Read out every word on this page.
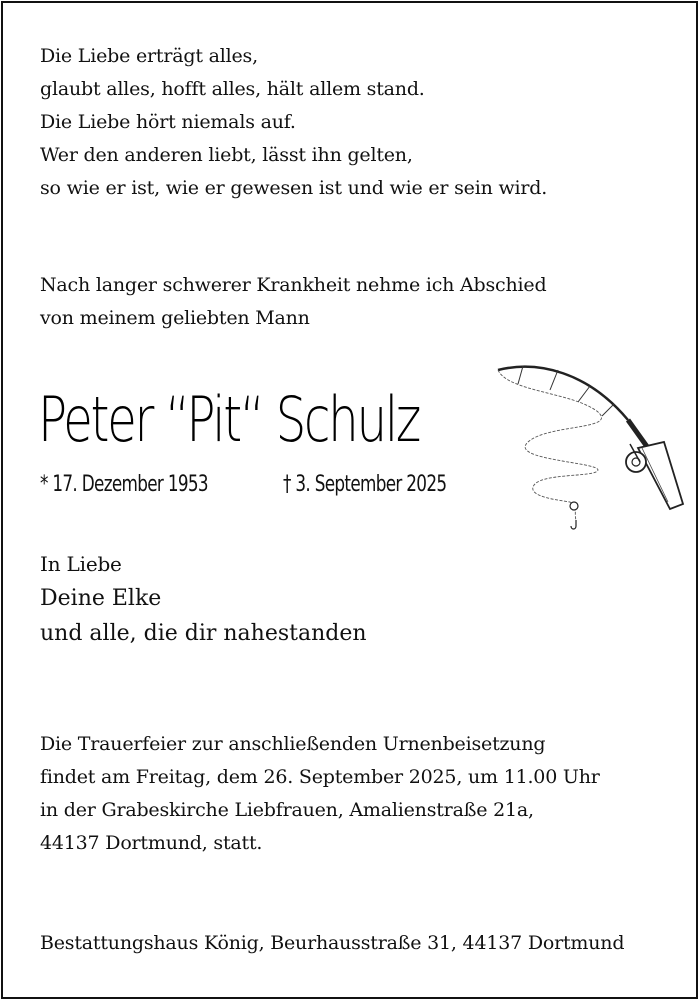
Die Liebe erträgt alles,
glaubt alles, hofft alles, hält allem stand.
Die Liebe hört niemals auf.
Wer den anderen liebt, lässt ihn gelten,
so wie er ist, wie er gewesen ist und wie er sein wird.
Nach langer schwerer Krankheit nehme ich Abschied
von meinem geliebten Mann
Peter “Pit“ Schulz
* 17. Dezember 1953	† 3. September 2025
In Liebe
Deine Elke
und alle, die dir nahestanden
Die Trauerfeier zur anschließenden Urnenbeisetzung
findet am Freitag, dem 26. September 2025, um 11.00 Uhr
in der Grabeskirche Liebfrauen, Amalienstraße 21a,
44137 Dortmund, statt.
Bestattungshaus König, Beurhausstraße 31, 44137 Dortmund
